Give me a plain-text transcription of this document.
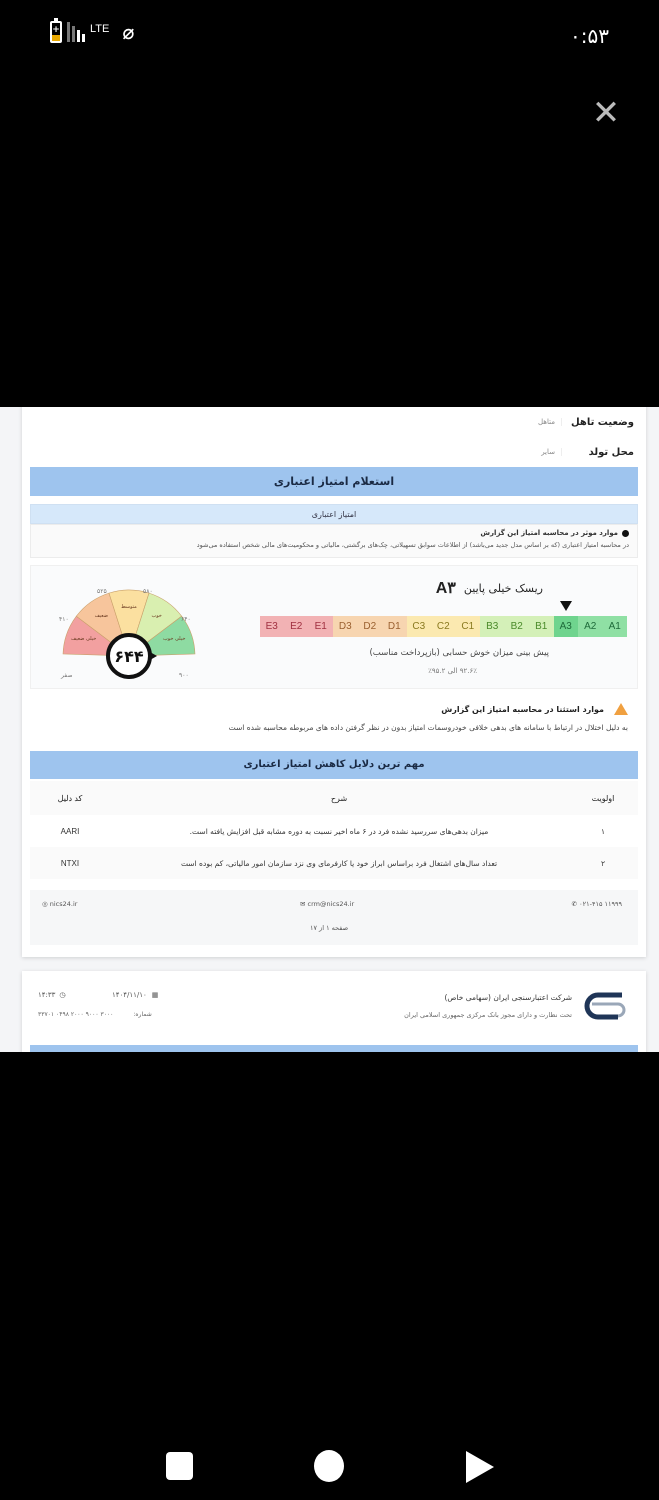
+	LTE ⌀	۰:۵۳
✕
وضعیت تاهل
متاهل
محل تولد
سایر
استعلام امتیاز اعتباری
امتیاز اعتباری
موارد موثر در محاسبه امتیاز این گزارش
در محاسبه امتیاز اعتباری (که بر اساس مدل جدید می‌باشد) از اطلاعات سوابق تسهیلاتی، چک‌های برگشتی، مالیاتی و محکومیت‌های مالی شخص استفاده می‌شود
ریسک خیلی پایین
A۳
A1
A2
A3
B1
B2
B3
C1
C2
C3
D1
D2
D3
E1
E2
E3
پیش بینی میزان خوش حسابی (بازپرداخت مناسب)
۹۲.۶٪ الی ۹۵.۲٪
خیلی ضعیف
ضعیف
متوسط
خوب
خیلی خوب
۶۴۴
صفر
۴۱۰
۵۲۵	۵۸۰
۶۴۰
۹۰۰
موارد استثنا در محاسبه امتیاز این گزارش
به دلیل اختلال در ارتباط با سامانه های بدهی خلافی خودروسمات امتیاز بدون در نظر گرفتن داده های مربوطه محاسبه شده است
مهم ترین دلایل کاهش امتیاز اعتباری
اولویت	شرح	کد دلیل
۱	میزان بدهی‌های سررسید نشده فرد در ۶ ماه اخیر نسبت به دوره مشابه قبل افزایش یافته است.	AARI
۲	تعداد سال‌های اشتغال فرد براساس ابراز خود یا کارفرمای وی نزد سازمان امور مالیاتی، کم بوده است	NTXI
✆ ۰۲۱-۴۱۵ ۱۱۹۹۹
✉ crm@nics24.ir
◎ nics24.ir
صفحه ۱ از ۱۷
شرکت اعتبارسنجی ایران (سهامی خاص)
تحت نظارت و دارای مجوز بانک مرکزی جمهوری اسلامی ایران
۱۴۰۴/۱۱/۱۰ ▦
۱۴:۳۳ ◷
شماره:
۳۰۰۰ ۹۰۰۰ ۲۰۰۰ ۰۴۹۸ ۳۳۷۰۱
